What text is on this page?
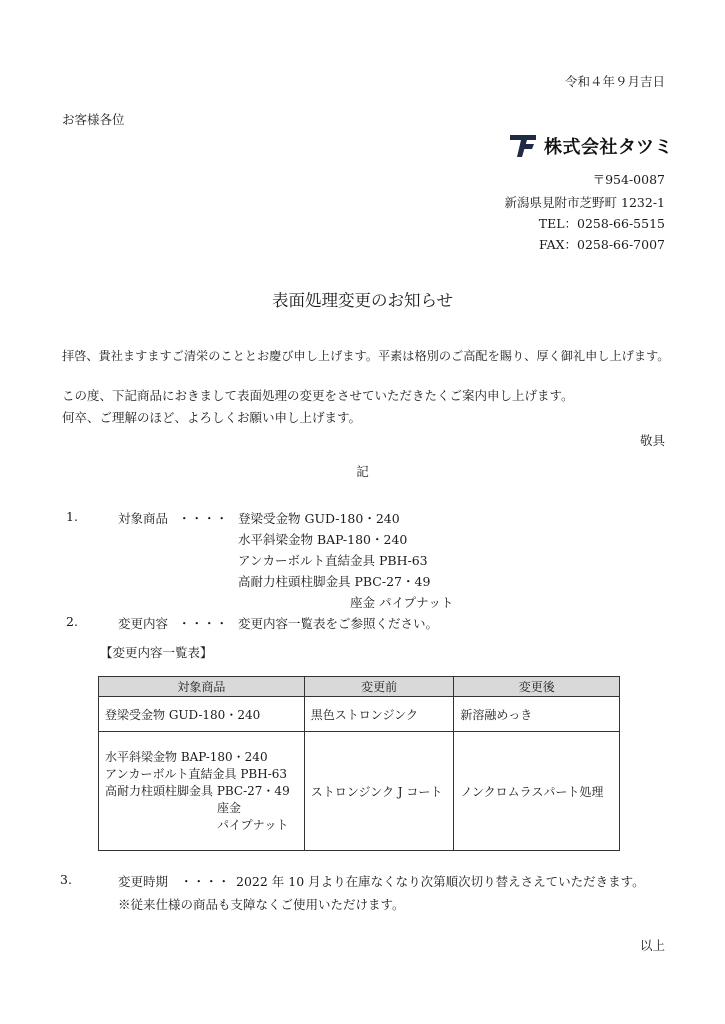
令和４年９月吉日
お客様各位
株式会社タツミ
〒954-0087
新潟県見附市芝野町 1232-1
TEL：0258-66-5515
FAX：0258-66-7007
表面処理変更のお知らせ
拝啓、貴社ますますご清栄のこととお慶び申し上げます。平素は格別のご高配を賜り、厚く御礼申し上げます。
この度、下記商品におきまして表面処理の変更をさせていただきたくご案内申し上げます。
何卒、ご理解のほど、よろしくお願い申し上げます。
敬具
記
1.	対象商品 ・・・・ 登梁受金物 GUD-180・240
水平斜梁金物 BAP-180・240
アンカーボルト直結金具 PBH-63
高耐力柱頭柱脚金具 PBC-27・49
座金 パイプナット
2.	変更内容 ・・・・ 変更内容一覧表をご参照ください。
【変更内容一覧表】
対象商品	変更前	変更後
登梁受金物 GUD-180・240	黒色ストロンジンク	新溶融めっき

水平斜梁金物 BAP-180・240
アンカーボルト直結金具 PBH-63
高耐力柱頭柱脚金具 PBC-27・49
座金
パイプナット	ストロンジンク J コート	ノンクロムラスパート処理
3.	変更時期 ・・・・ 2022 年 10 月より在庫なくなり次第順次切り替えさえていただきます。
※従来仕様の商品も支障なくご使用いただけます。
以上
